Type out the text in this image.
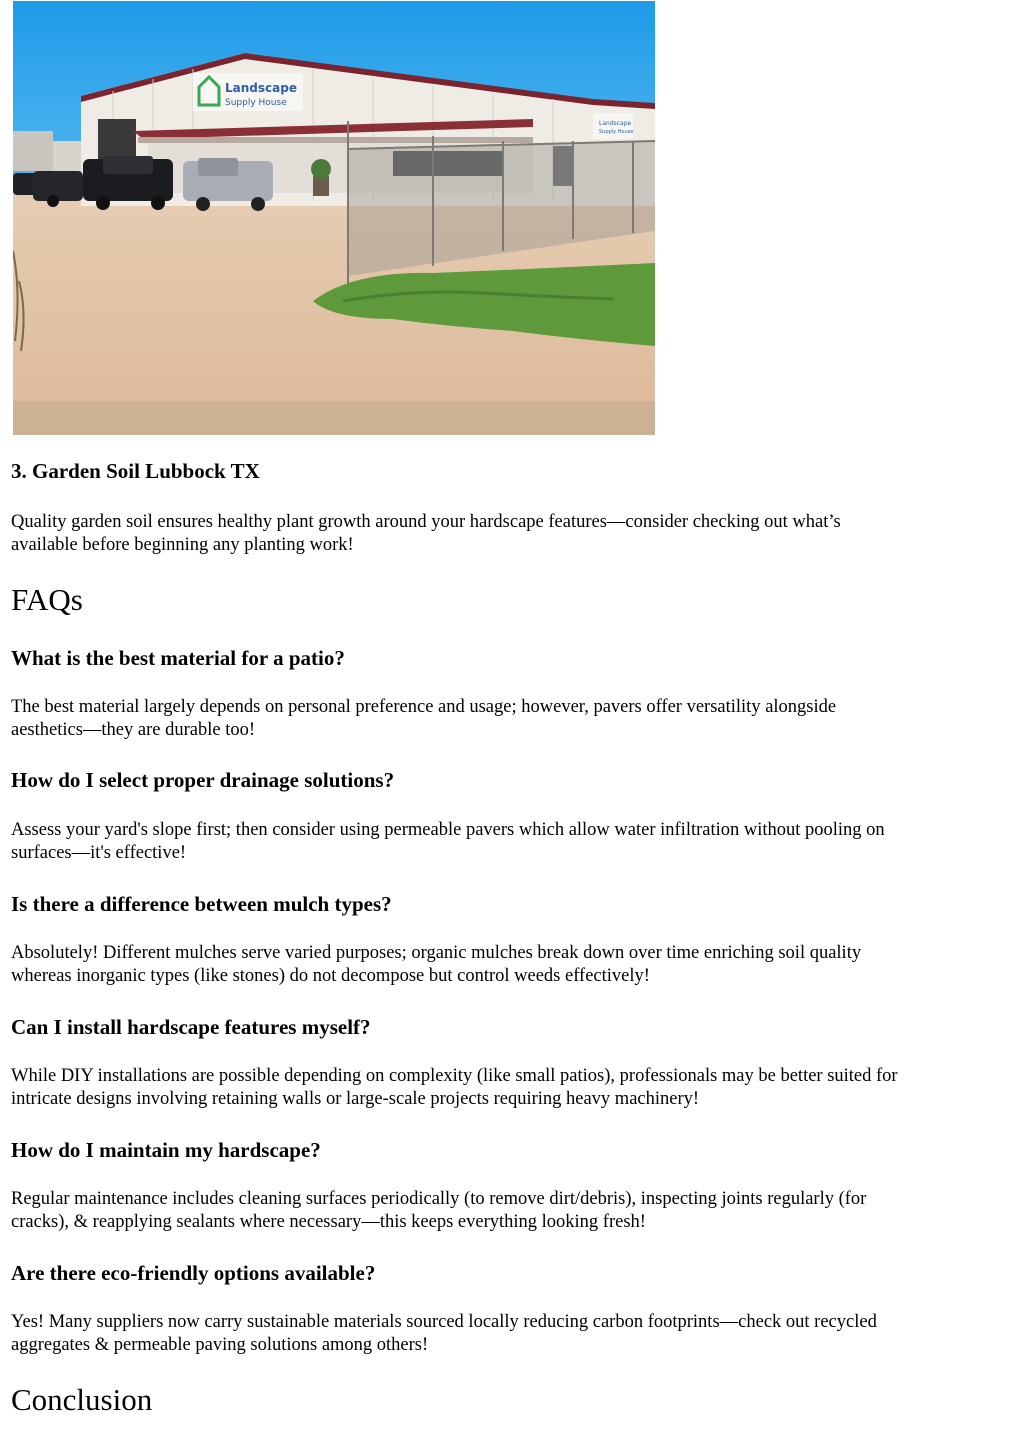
Landscape
Supply House
Landscape
Supply House
3. Garden Soil Lubbock TX

Quality garden soil ensures healthy plant growth around your hardscape features—consider checking out what’s
available before beginning any planting work!

FAQs
What is the best material for a patio?

The best material largely depends on personal preference and usage; however, pavers offer versatility alongside
aesthetics—they are durable too!

How do I select proper drainage solutions?

Assess your yard's slope first; then consider using permeable pavers which allow water infiltration without pooling on
surfaces—it's effective!

Is there a difference between mulch types?

Absolutely! Different mulches serve varied purposes; organic mulches break down over time enriching soil quality
whereas inorganic types (like stones) do not decompose but control weeds effectively!

Can I install hardscape features myself?

While DIY installations are possible depending on complexity (like small patios), professionals may be better suited for
intricate designs involving retaining walls or large-scale projects requiring heavy machinery!

How do I maintain my hardscape?

Regular maintenance includes cleaning surfaces periodically (to remove dirt/debris), inspecting joints regularly (for
cracks), & reapplying sealants where necessary—this keeps everything looking fresh!

Are there eco-friendly options available?

Yes! Many suppliers now carry sustainable materials sourced locally reducing carbon footprints—check out recycled
aggregates & permeable paving solutions among others!

Conclusion
